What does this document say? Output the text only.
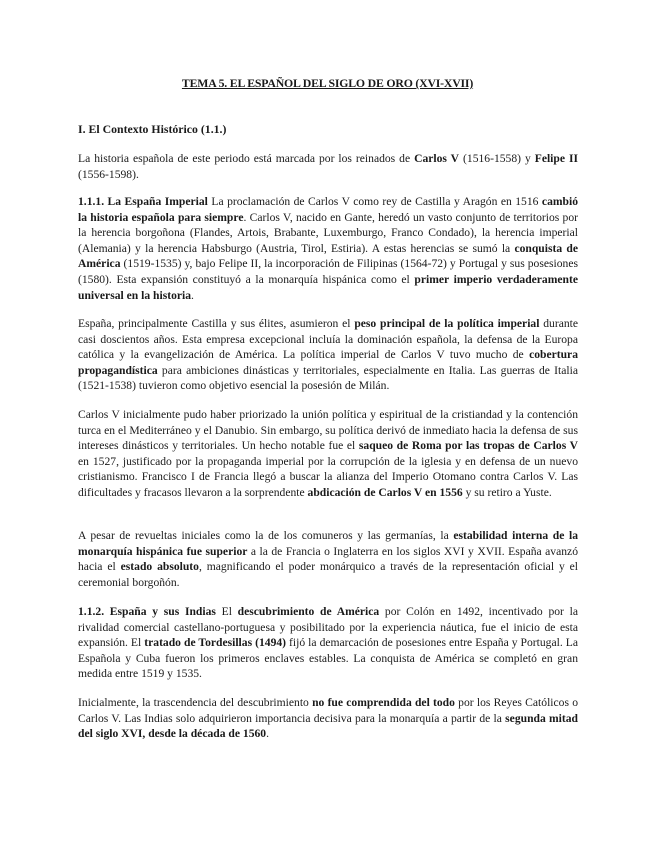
TEMA 5. EL ESPAÑOL DEL SIGLO DE ORO (XVI-XVII)
I. El Contexto Histórico (1.1.)

La historia española de este periodo está marcada por los reinados de Carlos V (1516-1558) y Felipe II (1556-1598).

1.1.1. La España Imperial La proclamación de Carlos V como rey de Castilla y Aragón en 1516 cambió la historia española para siempre. Carlos V, nacido en Gante, heredó un vasto conjunto de territorios por la herencia borgoñona (Flandes, Artois, Brabante, Luxemburgo, Franco Condado), la herencia imperial (Alemania) y la herencia Habsburgo (Austria, Tirol, Estiria). A estas herencias se sumó la conquista de América (1519-1535) y, bajo Felipe II, la incorporación de Filipinas (1564-72) y Portugal y sus posesiones (1580). Esta expansión constituyó a la monarquía hispánica como el primer imperio verdaderamente universal en la historia.

España, principalmente Castilla y sus élites, asumieron el peso principal de la política imperial durante casi doscientos años. Esta empresa excepcional incluía la dominación española, la defensa de la Europa católica y la evangelización de América. La política imperial de Carlos V tuvo mucho de cobertura propagandística para ambiciones dinásticas y territoriales, especialmente en Italia. Las guerras de Italia (1521-1538) tuvieron como objetivo esencial la posesión de Milán.

Carlos V inicialmente pudo haber priorizado la unión política y espiritual de la cristiandad y la contención turca en el Mediterráneo y el Danubio. Sin embargo, su política derivó de inmediato hacia la defensa de sus intereses dinásticos y territoriales. Un hecho notable fue el saqueo de Roma por las tropas de Carlos V en 1527, justificado por la propaganda imperial por la corrupción de la iglesia y en defensa de un nuevo cristianismo. Francisco I de Francia llegó a buscar la alianza del Imperio Otomano contra Carlos V. Las dificultades y fracasos llevaron a la sorprendente abdicación de Carlos V en 1556 y su retiro a Yuste.

A pesar de revueltas iniciales como la de los comuneros y las germanías, la estabilidad interna de la monarquía hispánica fue superior a la de Francia o Inglaterra en los siglos XVI y XVII. España avanzó hacia el estado absoluto, magnificando el poder monárquico a través de la representación oficial y el ceremonial borgoñón.

1.1.2. España y sus Indias El descubrimiento de América por Colón en 1492, incentivado por la rivalidad comercial castellano-portuguesa y posibilitado por la experiencia náutica, fue el inicio de esta expansión. El tratado de Tordesillas (1494) fijó la demarcación de posesiones entre España y Portugal. La Española y Cuba fueron los primeros enclaves estables. La conquista de América se completó en gran medida entre 1519 y 1535.

Inicialmente, la trascendencia del descubrimiento no fue comprendida del todo por los Reyes Católicos o Carlos V. Las Indias solo adquirieron importancia decisiva para la monarquía a partir de la segunda mitad del siglo XVI, desde la década de 1560.
